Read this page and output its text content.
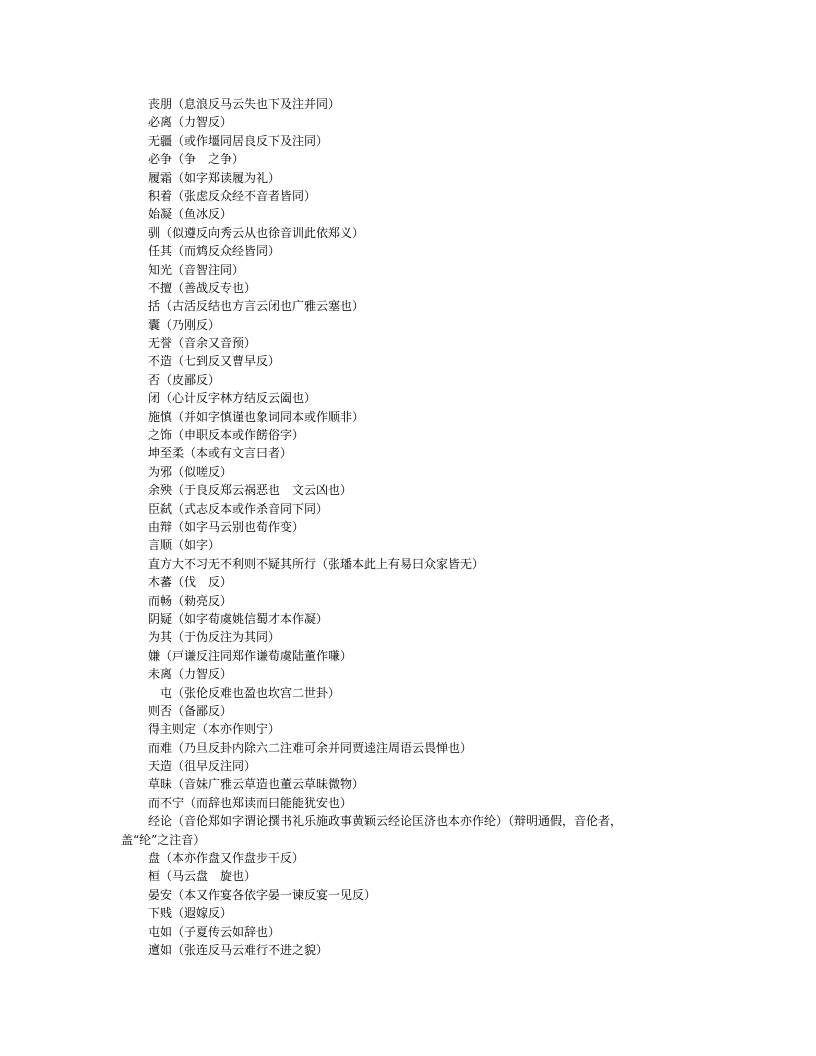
丧朋（息浪反马云失也下及注并同）
必离（力智反）
无疆（或作壃同居良反下及注同）
必争（争　之争）
履霜（如字郑读履为礼）
积着（张虑反众经不音者皆同）
始凝（鱼冰反）
驯（似遵反向秀云从也徐音训此依郑义）
任其（而鸩反众经皆同）
知光（音智注同）
不擅（善战反专也）
括（古活反结也方言云闭也广雅云塞也）
囊（乃刚反）
无誉（音余又音预）
不造（七到反又曹早反）
否（皮鄙反）
闭（心计反字林方结反云阖也）
施慎（并如字慎谨也象词同本或作顺非）
之饰（申职反本或作餝俗字）
坤至柔（本或有文言曰者）
为邪（似嗟反）
余殃（于良反郑云祸恶也　文云凶也）
臣弑（式志反本或作杀音同下同）
由辩（如字马云别也荀作变）
言顺（如字）
直方大不习无不利则不疑其所行（张璠本此上有易曰众家皆无）
木蕃（伐　反）
而畅（勑亮反）
阴疑（如字荀虞姚信蜀才本作凝）
为其（于伪反注为其同）
嫌（戸谦反注同郑作谦荀虞陆董作嗛）
未离（力智反）
屯（张伦反难也盈也坎宫二世卦）
则否（备鄙反）
得主则定（本亦作则宁）
而难（乃旦反卦内除六二注难可余并同贾逵注周语云畏惮也）
天造（徂早反注同）
草昧（音妹广雅云草造也董云草昧微物）
而不宁（而辞也郑读而曰能能犹安也）
经论（音伦郑如字谓论撰书礼乐施政事黄颖云经论匡济也本亦作纶）（辩明通假，音伦者，
盖“纶”之注音）
盘（本亦作盘又作盘步干反）
桓（马云盘　旋也）
晏安（本又作宴各依字晏一谏反宴一见反）
下贱（遐嫁反）
屯如（子夏传云如辞也）
邅如（张连反马云难行不进之貌）
